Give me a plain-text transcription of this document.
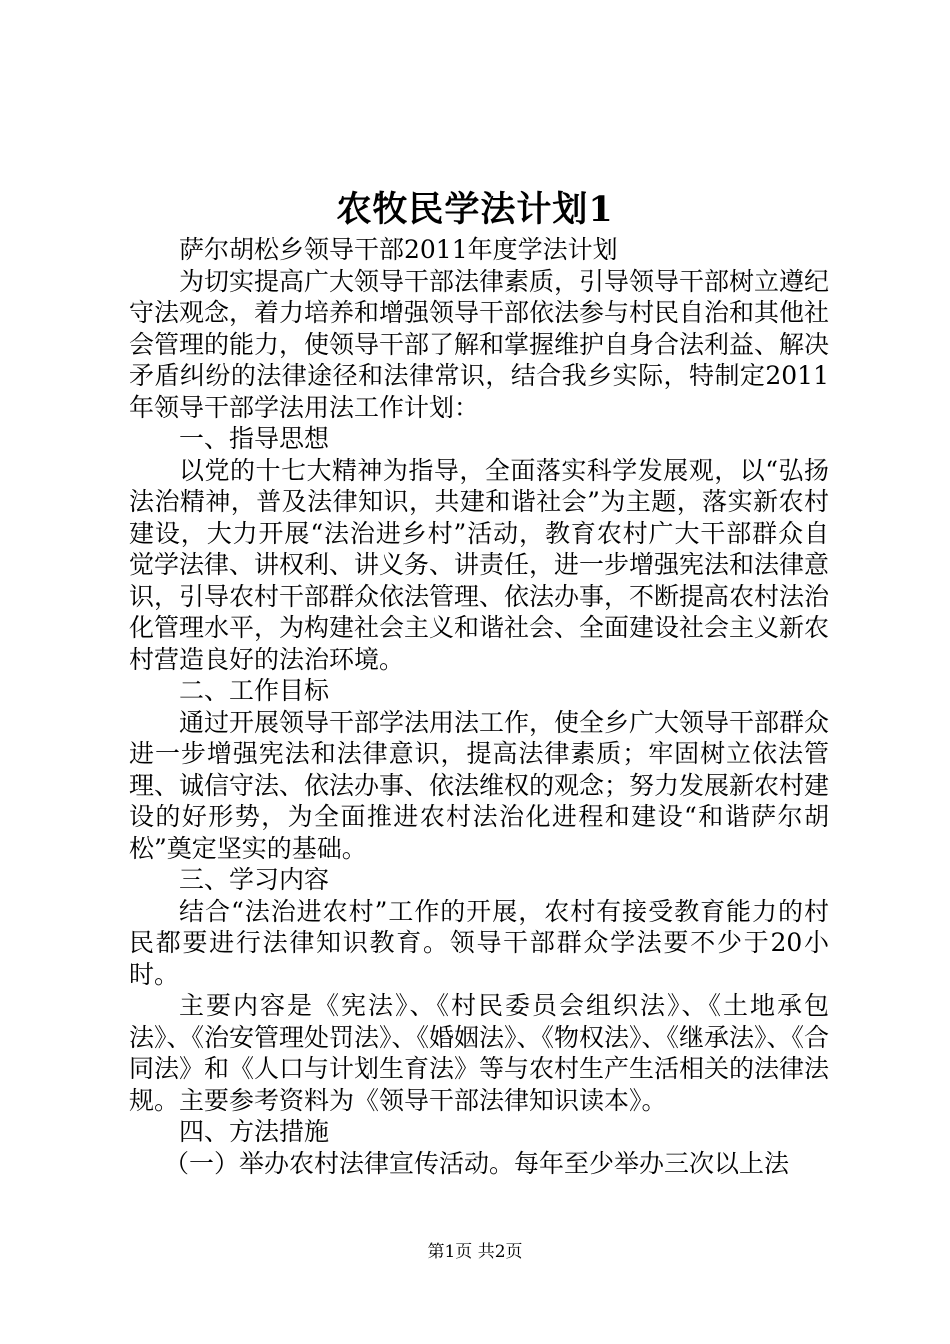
农牧民学法计划1

萨尔胡松乡领导干部2011年度学法计划

为切实提高广大领导干部法律素质，引导领导干部树立遵纪守法观念，着力培养和增强领导干部依法参与村民自治和其他社会管理的能力，使领导干部了解和掌握维护自身合法利益、解决矛盾纠纷的法律途径和法律常识，结合我乡实际，特制定2011年领导干部学法用法工作计划：

一、指导思想

以党的十七大精神为指导，全面落实科学发展观，以“弘扬法治精神，普及法律知识，共建和谐社会”为主题，落实新农村建设，大力开展“法治进乡村”活动，教育农村广大干部群众自觉学法律、讲权利、讲义务、讲责任，进一步增强宪法和法律意识，引导农村干部群众依法管理、依法办事，不断提高农村法治化管理水平，为构建社会主义和谐社会、全面建设社会主义新农村营造良好的法治环境。

二、工作目标

通过开展领导干部学法用法工作，使全乡广大领导干部群众进一步增强宪法和法律意识，提高法律素质；牢固树立依法管理、诚信守法、依法办事、依法维权的观念；努力发展新农村建设的好形势，为全面推进农村法治化进程和建设“和谐萨尔胡松”奠定坚实的基础。

三、学习内容

结合“法治进农村”工作的开展，农村有接受教育能力的村民都要进行法律知识教育。领导干部群众学法要不少于20小时。

主要内容是《宪法》、《村民委员会组织法》、《土地承包法》、《治安管理处罚法》、《婚姻法》、《物权法》、《继承法》、《合同法》和《人口与计划生育法》等与农村生产生活相关的法律法规。主要参考资料为《领导干部法律知识读本》。

四、方法措施

（一）举办农村法律宣传活动。每年至少举办三次以上法

第1页 共2页
